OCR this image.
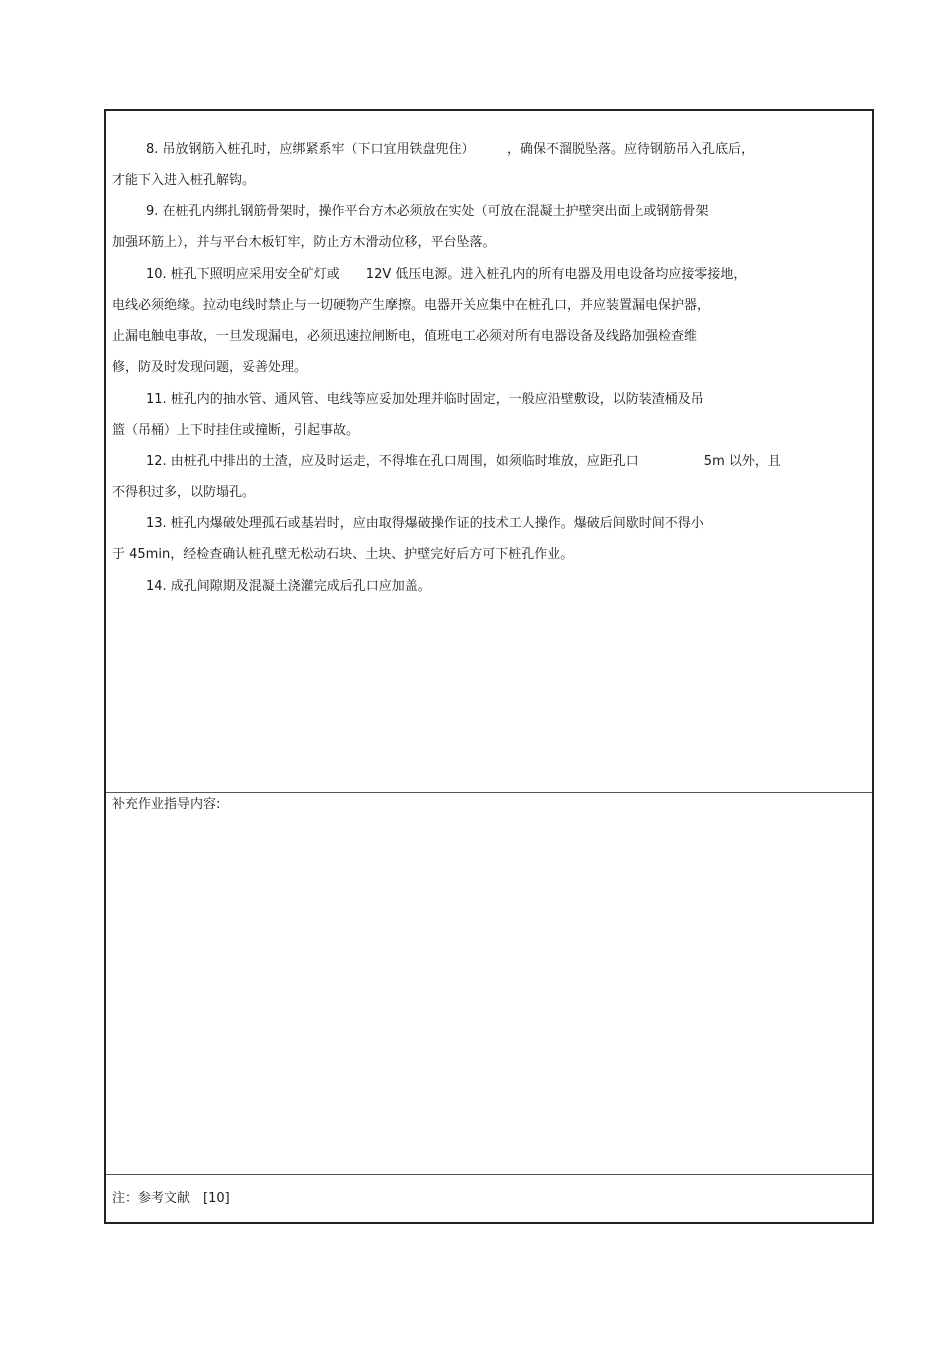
8. 吊放钢筋入桩孔时，应绑紧系牢（下口宜用铁盘兜住）　　　，确保不溜脱坠落。应待钢筋吊入孔底后，
才能下入进入桩孔解钩。
9. 在桩孔内绑扎钢筋骨架时，操作平台方木必须放在实处（可放在混凝土护壁突出面上或钢筋骨架
加强环筋上），并与平台木板钉牢，防止方木滑动位移，平台坠落。
10. 桩孔下照明应采用安全矿灯或　　12V 低压电源。进入桩孔内的所有电器及用电设备均应接零接地，
电线必须绝缘。拉动电线时禁止与一切硬物产生摩擦。电器开关应集中在桩孔口，并应装置漏电保护器，
止漏电触电事故，一旦发现漏电，必须迅速拉闸断电，值班电工必须对所有电器设备及线路加强检查维
修，防及时发现问题，妥善处理。
11. 桩孔内的抽水管、通风管、电线等应妥加处理并临时固定，一般应沿壁敷设，以防装渣桶及吊
篮（吊桶）上下时挂住或撞断，引起事故。
12. 由桩孔中排出的土渣，应及时运走，不得堆在孔口周围，如须临时堆放，应距孔口　　　　　5m 以外，且
不得积过多，以防塌孔。
13. 桩孔内爆破处理孤石或基岩时，应由取得爆破操作证的技术工人操作。爆破后间歇时间不得小
于 45min，经检查确认桩孔壁无松动石块、土块、护壁完好后方可下桩孔作业。
14. 成孔间隙期及混凝土浇灌完成后孔口应加盖。
补充作业指导内容:
注：参考文献　[10]
